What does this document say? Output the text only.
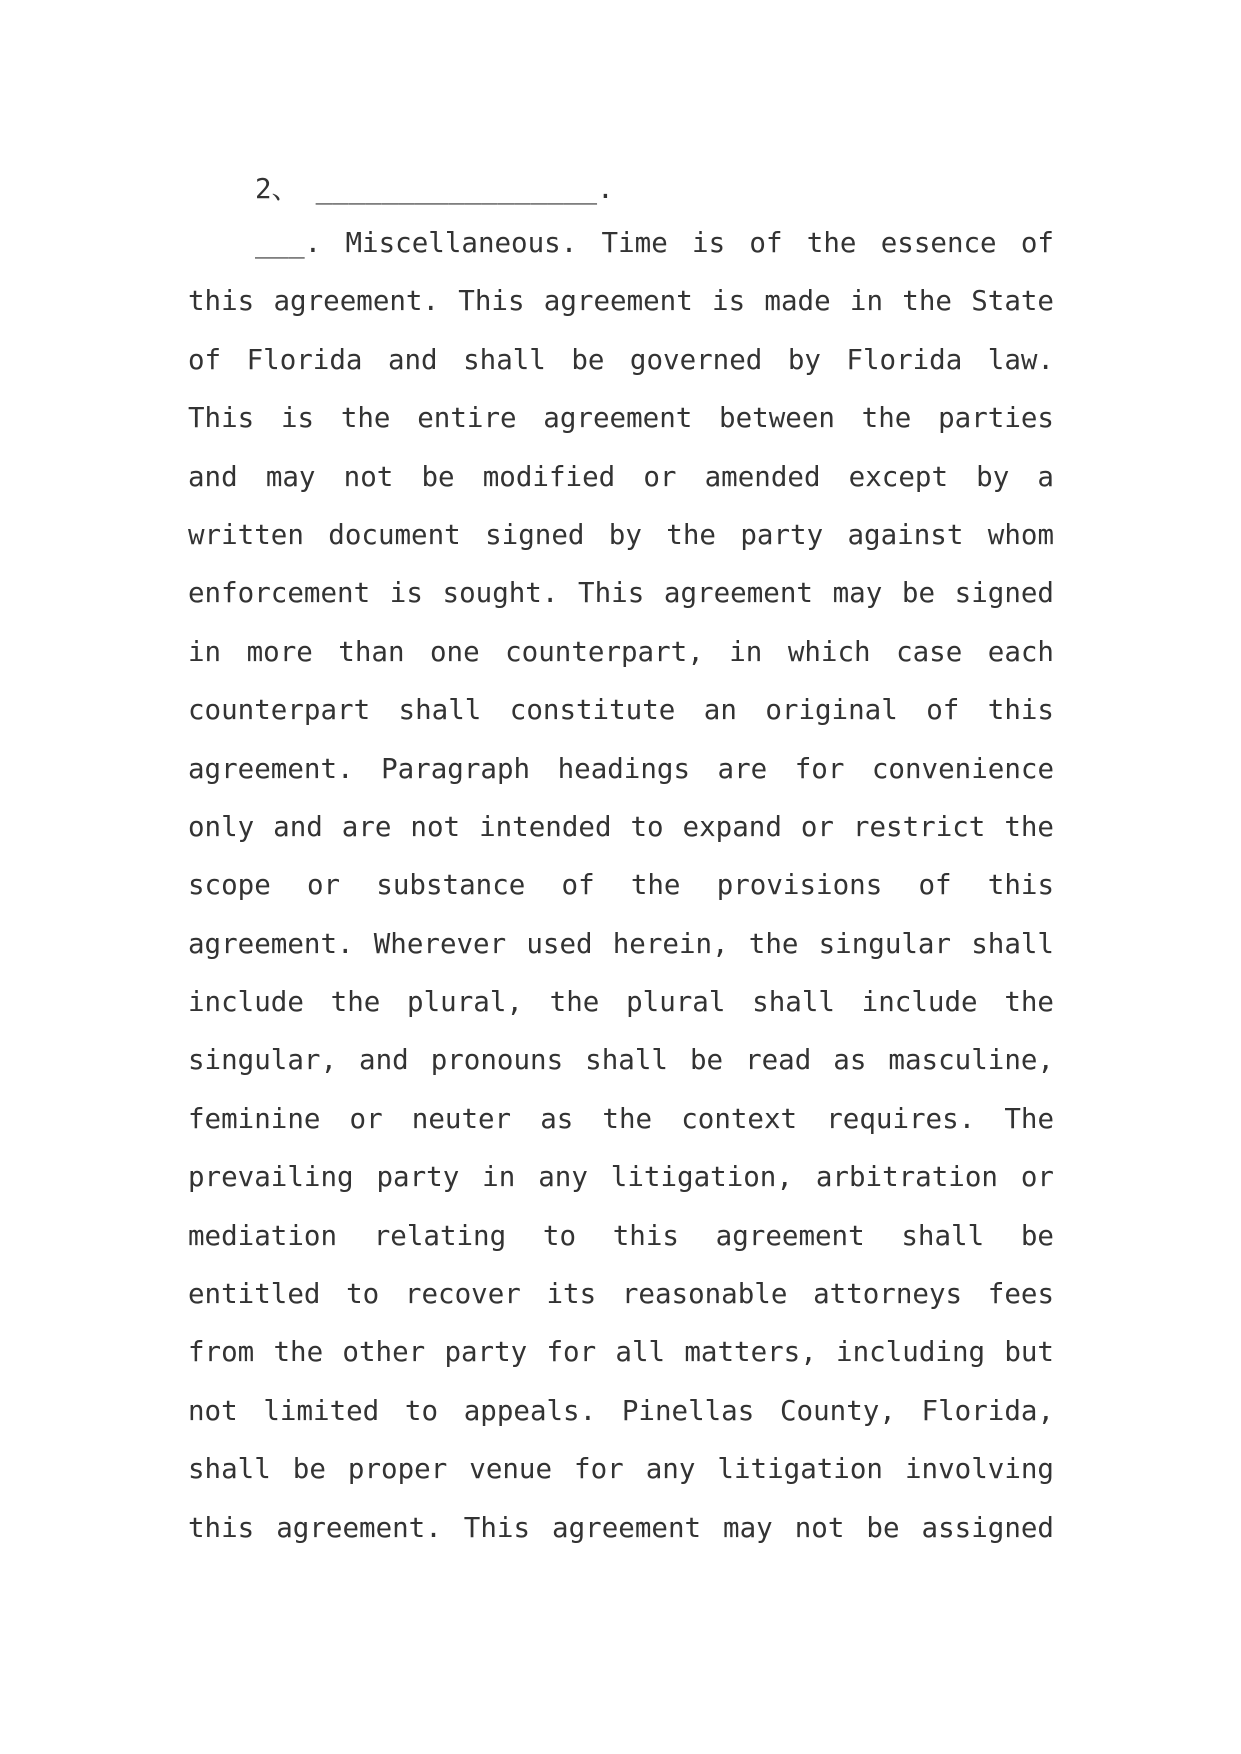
2、 _________________.
___. Miscellaneous. Time is of the essence of
this agreement. This agreement is made in the State
of Florida and shall be governed by Florida law.
This is the entire agreement between the parties
and may not be modified or amended except by a
written document signed by the party against whom
enforcement is sought. This agreement may be signed
in more than one counterpart, in which case each
counterpart shall constitute an original of this
agreement. Paragraph headings are for convenience
only and are not intended to expand or restrict the
scope or substance of the provisions of this
agreement. Wherever used herein, the singular shall
include the plural, the plural shall include the
singular, and pronouns shall be read as masculine,
feminine or neuter as the context requires. The
prevailing party in any litigation, arbitration or
mediation relating to this agreement shall be
entitled to recover its reasonable attorneys fees
from the other party for all matters, including but
not limited to appeals. Pinellas County, Florida,
shall be proper venue for any litigation involving
this agreement. This agreement may not be assigned
